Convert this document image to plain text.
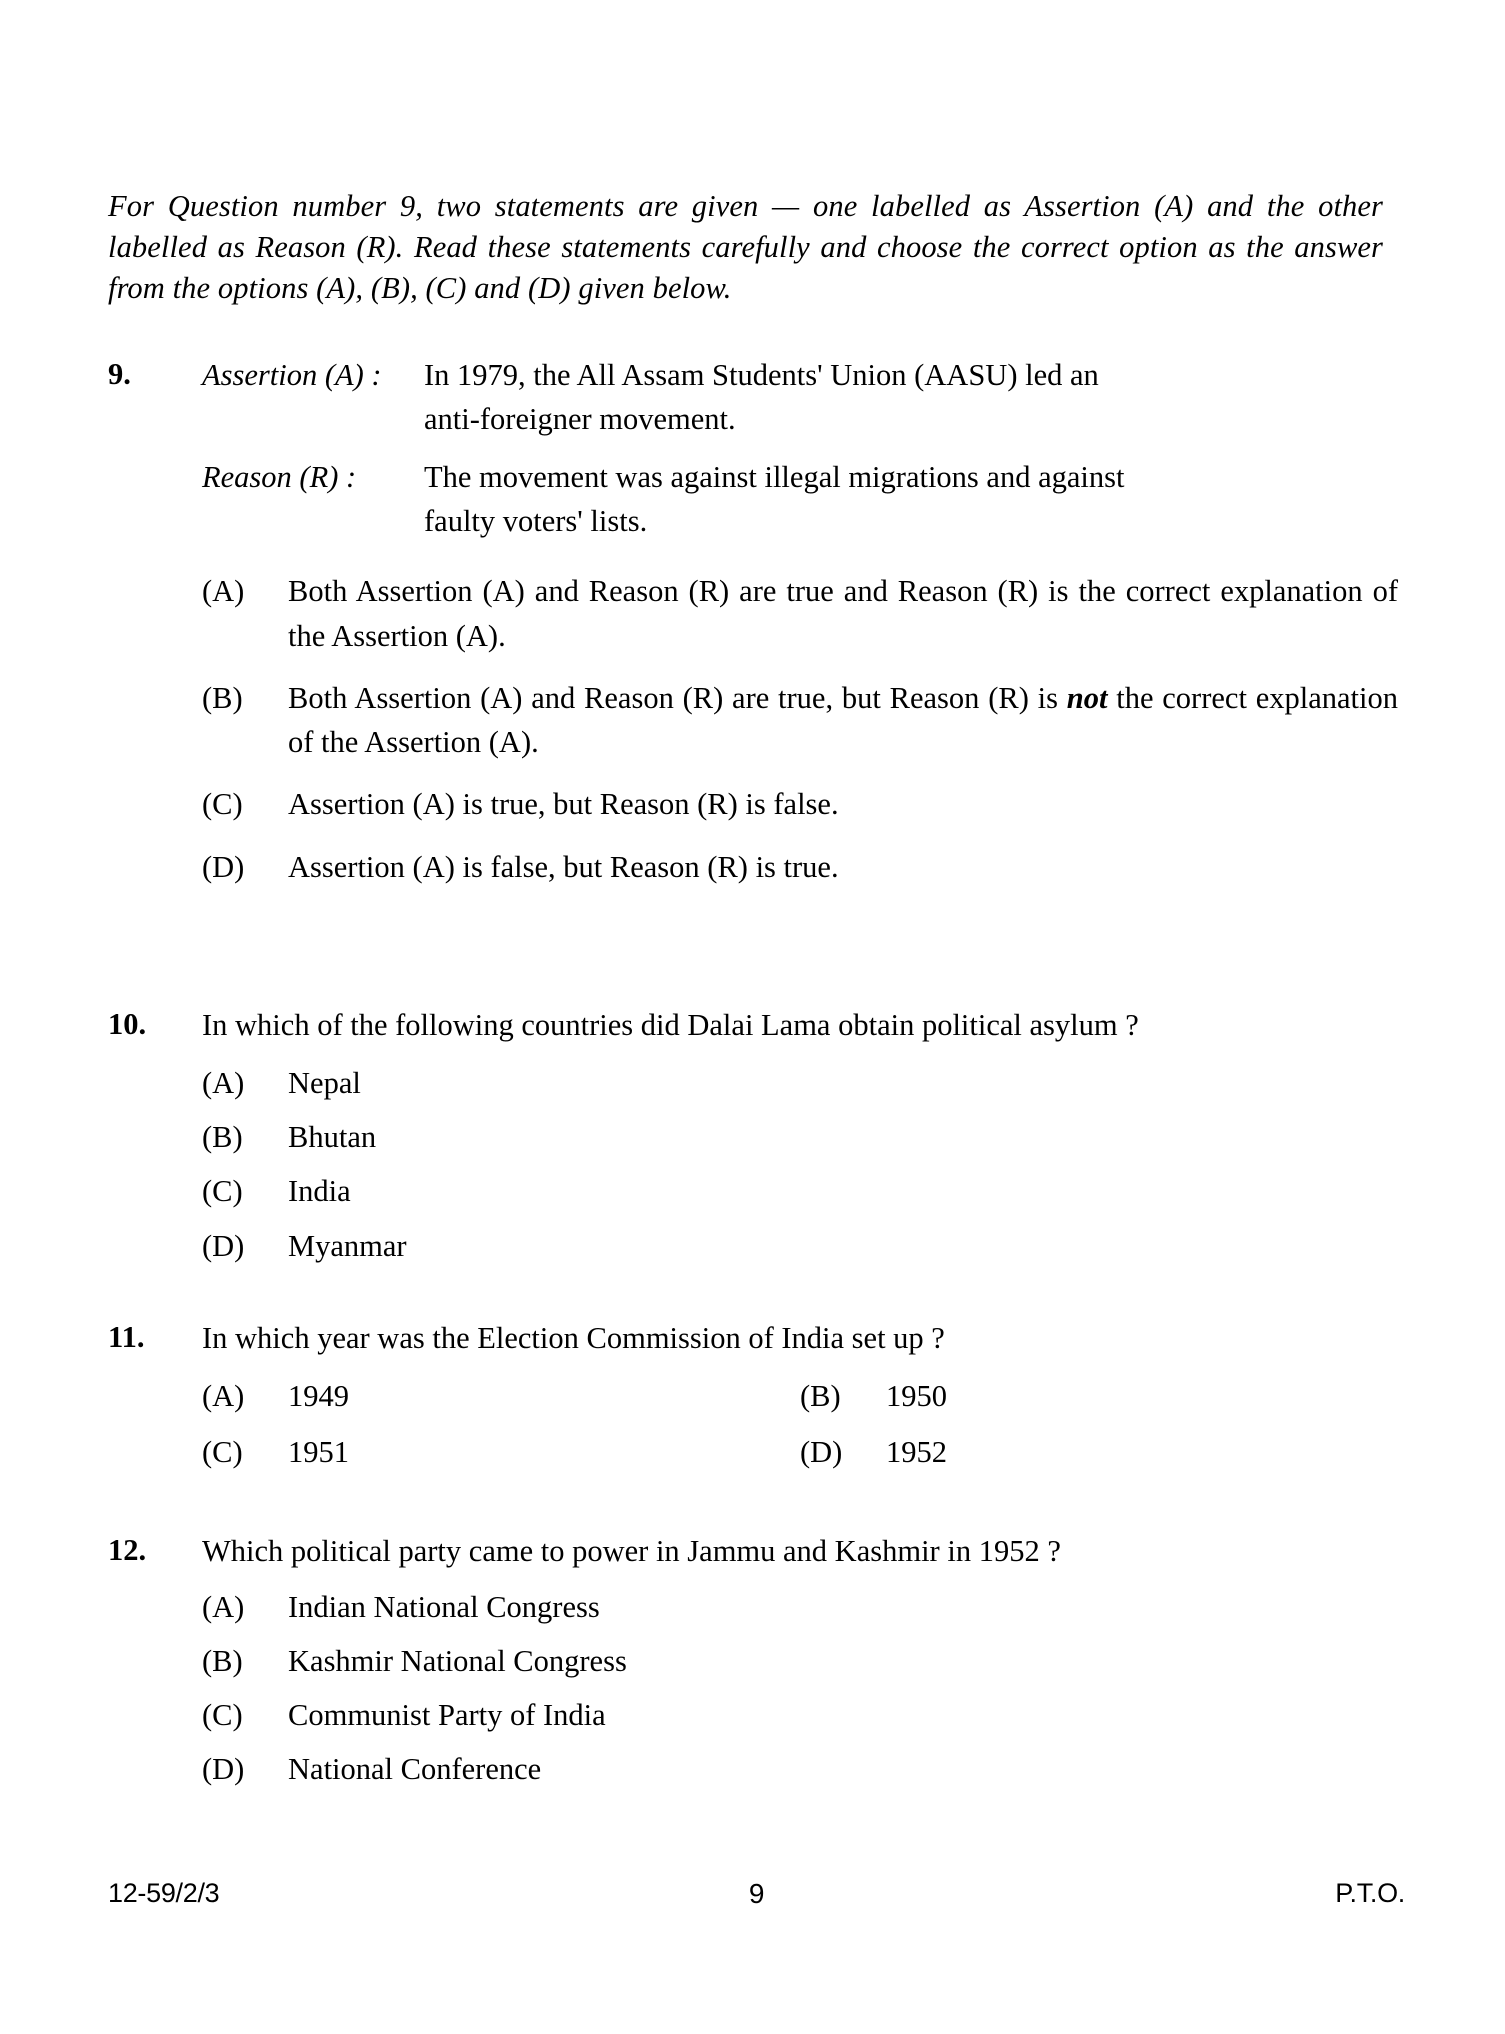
For Question number 9, two statements are given — one labelled as Assertion (A) and the other labelled as Reason (R). Read these statements carefully and choose the correct option as the answer from the options (A), (B), (C) and (D) given below.
9.	Assertion (A) :	In 1979, the All Assam Students' Union (AASU) led an
anti-foreigner movement.
Reason (R) :	The movement was against illegal migrations and against
faulty voters' lists.
(A)	Both Assertion (A) and Reason (R) are true and Reason (R) is the correct explanation of the Assertion (A).
(B)	Both Assertion (A) and Reason (R) are true, but Reason (R) is not the correct explanation of the Assertion (A).
(C)	Assertion (A) is true, but Reason (R) is false.
(D)	Assertion (A) is false, but Reason (R) is true.
10.	In which of the following countries did Dalai Lama obtain political asylum ?
(A)	Nepal
(B)	Bhutan
(C)	India
(D)	Myanmar
11.	In which year was the Election Commission of India set up ?
(A)	1949	(B)	1950
(C)	1951	(D)	1952
12.	Which political party came to power in Jammu and Kashmir in 1952 ?
(A)	Indian National Congress
(B)	Kashmir National Congress
(C)	Communist Party of India
(D)	National Conference
12-59/2/3	9	P.T.O.
